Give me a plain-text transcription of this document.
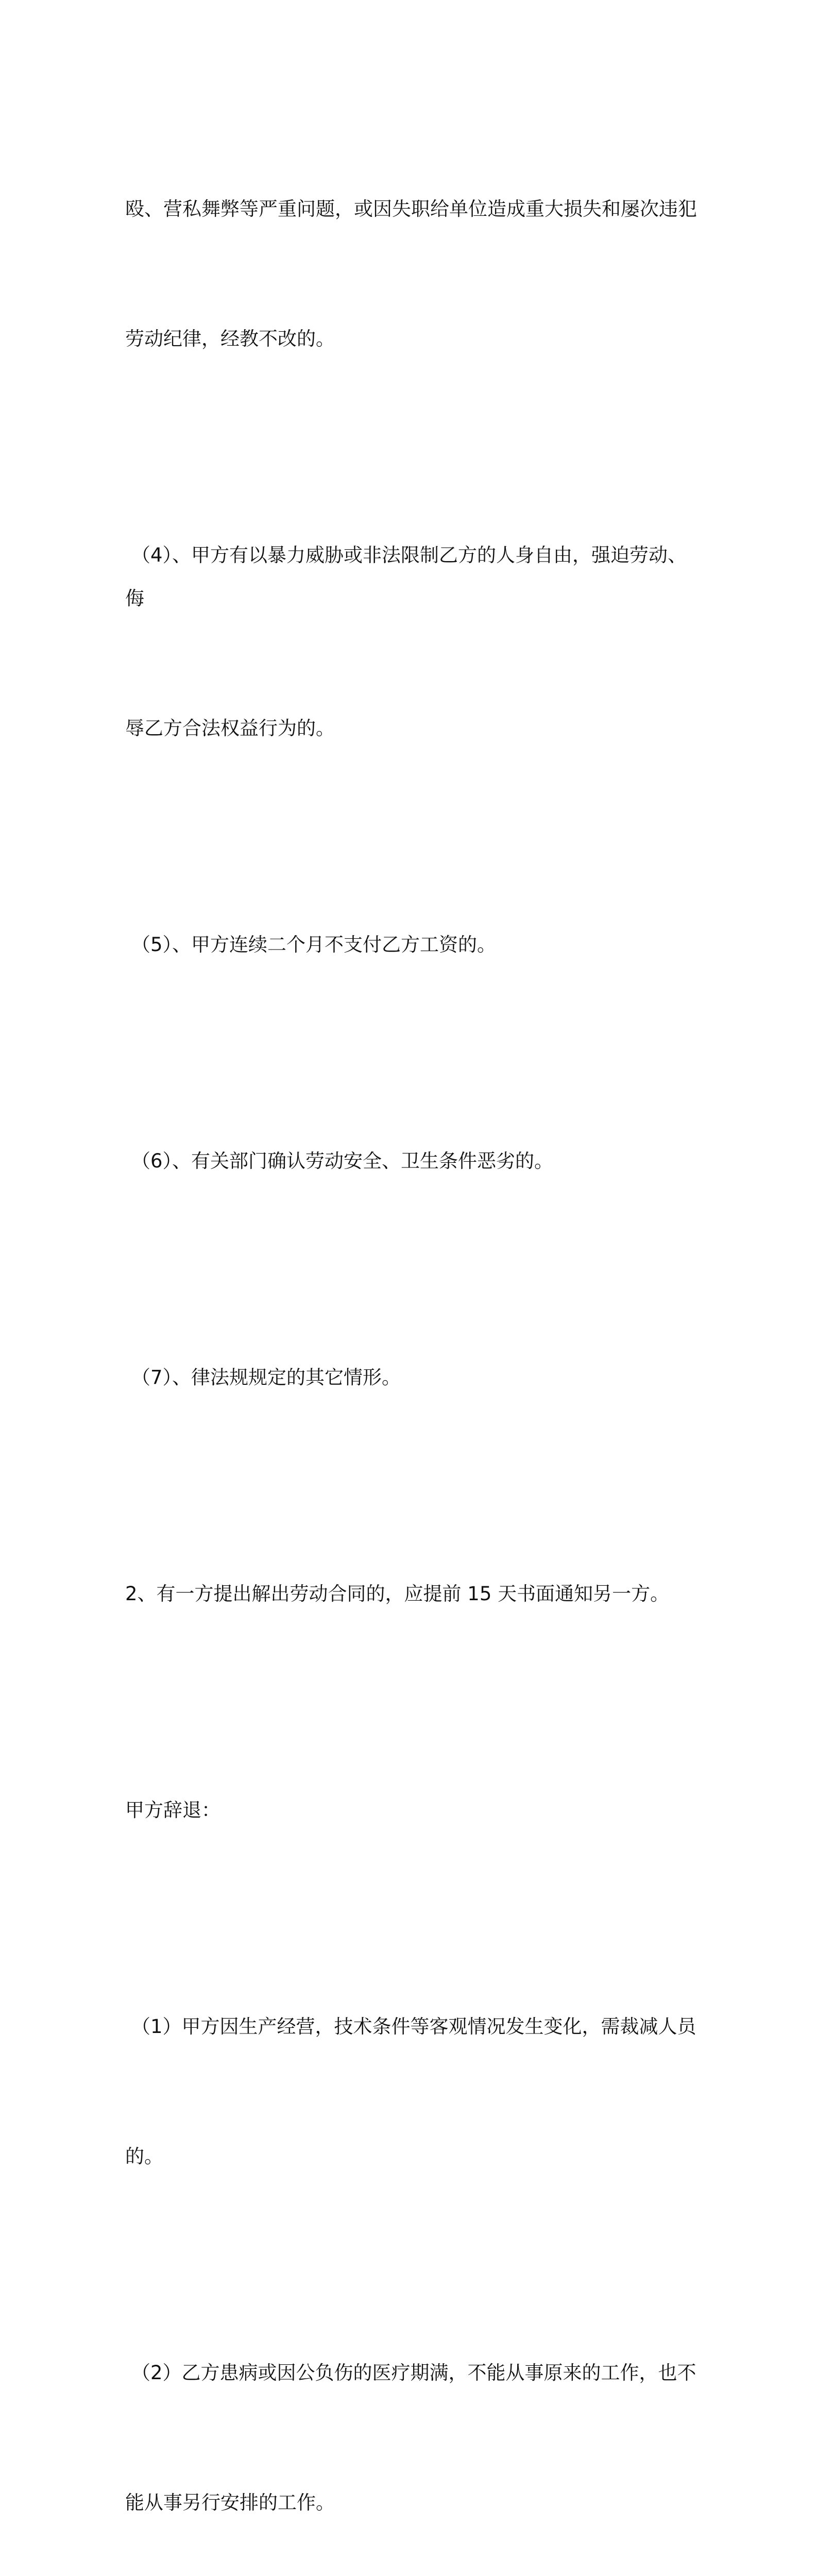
殴、营私舞弊等严重问题，或因失职给单位造成重大损失和屡次违犯

劳动纪律，经教不改的。

（4）、甲方有以暴力威胁或非法限制乙方的人身自由，强迫劳动、侮

辱乙方合法权益行为的。

（5）、甲方连续二个月不支付乙方工资的。

（6）、有关部门确认劳动安全、卫生条件恶劣的。

（7）、律法规规定的其它情形。

2、有一方提出解出劳动合同的，应提前 15 天书面通知另一方。

甲方辞退：

（1）甲方因生产经营，技术条件等客观情况发生变化，需裁减人员

的。

（2）乙方患病或因公负伤的医疗期满，不能从事原来的工作，也不

能从事另行安排的工作。
